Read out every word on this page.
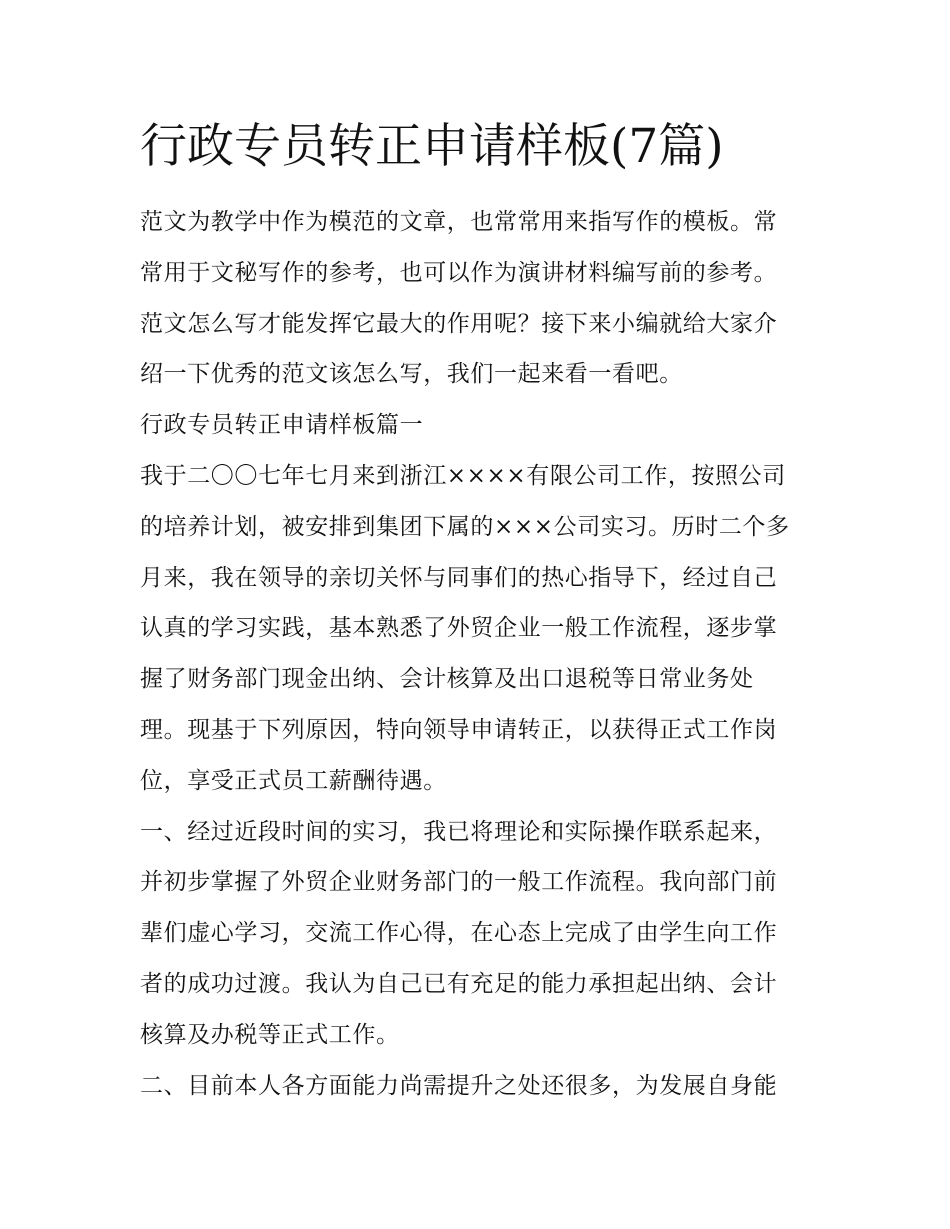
行政专员转正申请样板(7篇)

范文为教学中作为模范的文章，也常常用来指写作的模板。常

常用于文秘写作的参考，也可以作为演讲材料编写前的参考。

范文怎么写才能发挥它最大的作用呢？接下来小编就给大家介

绍一下优秀的范文该怎么写，我们一起来看一看吧。

行政专员转正申请样板篇一

我于二〇〇七年七月来到浙江××××有限公司工作，按照公司

的培养计划，被安排到集团下属的×××公司实习。历时二个多

月来，我在领导的亲切关怀与同事们的热心指导下，经过自己

认真的学习实践，基本熟悉了外贸企业一般工作流程，逐步掌

握了财务部门现金出纳、会计核算及出口退税等日常业务处

理。现基于下列原因，特向领导申请转正，以获得正式工作岗

位，享受正式员工薪酬待遇。

一、经过近段时间的实习，我已将理论和实际操作联系起来，

并初步掌握了外贸企业财务部门的一般工作流程。我向部门前

辈们虚心学习，交流工作心得，在心态上完成了由学生向工作

者的成功过渡。我认为自己已有充足的能力承担起出纳、会计

核算及办税等正式工作。

二、目前本人各方面能力尚需提升之处还很多，为发展自身能
